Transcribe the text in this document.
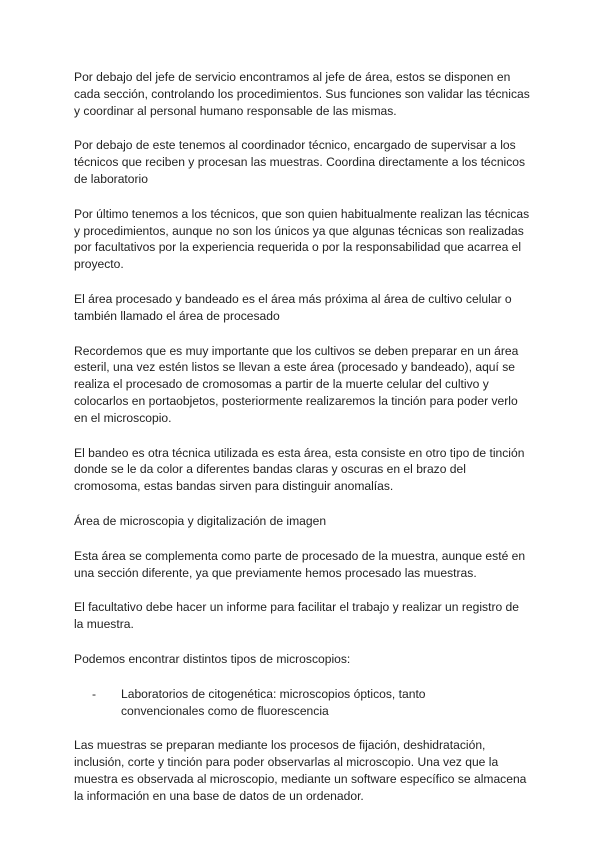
Por debajo del jefe de servicio encontramos al jefe de área, estos se disponen en cada sección, controlando los procedimientos. Sus funciones son validar las técnicas y coordinar al personal humano responsable de las mismas.

Por debajo de este tenemos al coordinador técnico, encargado de supervisar a los técnicos que reciben y procesan las muestras. Coordina directamente a los técnicos de laboratorio

Por último tenemos a los técnicos, que son quien habitualmente realizan las técnicas y procedimientos, aunque no son los únicos ya que algunas técnicas son realizadas por facultativos por la experiencia requerida o por la responsabilidad que acarrea el proyecto.

El área procesado y bandeado es el área más próxima al área de cultivo celular o también llamado el área de procesado

Recordemos que es muy importante que los cultivos se deben preparar en un área esteril, una vez estén listos se llevan a este área (procesado y bandeado), aquí se realiza el procesado de cromosomas a partir de la muerte celular del cultivo y colocarlos en portaobjetos, posteriormente realizaremos la tinción para poder verlo en el microscopio.

El bandeo es otra técnica utilizada es esta área, esta consiste en otro tipo de tinción donde se le da color a diferentes bandas claras y oscuras en el brazo del cromosoma, estas bandas sirven para distinguir anomalías.

Área de microscopia y digitalización de imagen

Esta área se complementa como parte de procesado de la muestra, aunque esté en una sección diferente, ya que previamente hemos procesado las muestras.

El facultativo debe hacer un informe para facilitar el trabajo y realizar un registro de la muestra.

Podemos encontrar distintos tipos de microscopios:

-	Laboratorios de citogenética: microscopios ópticos, tanto convencionales como de fluorescencia

Las muestras se preparan mediante los procesos de fijación, deshidratación, inclusión, corte y tinción para poder observarlas al microscopio. Una vez que la muestra es observada al microscopio, mediante un software específico se almacena la información en una base de datos de un ordenador.
